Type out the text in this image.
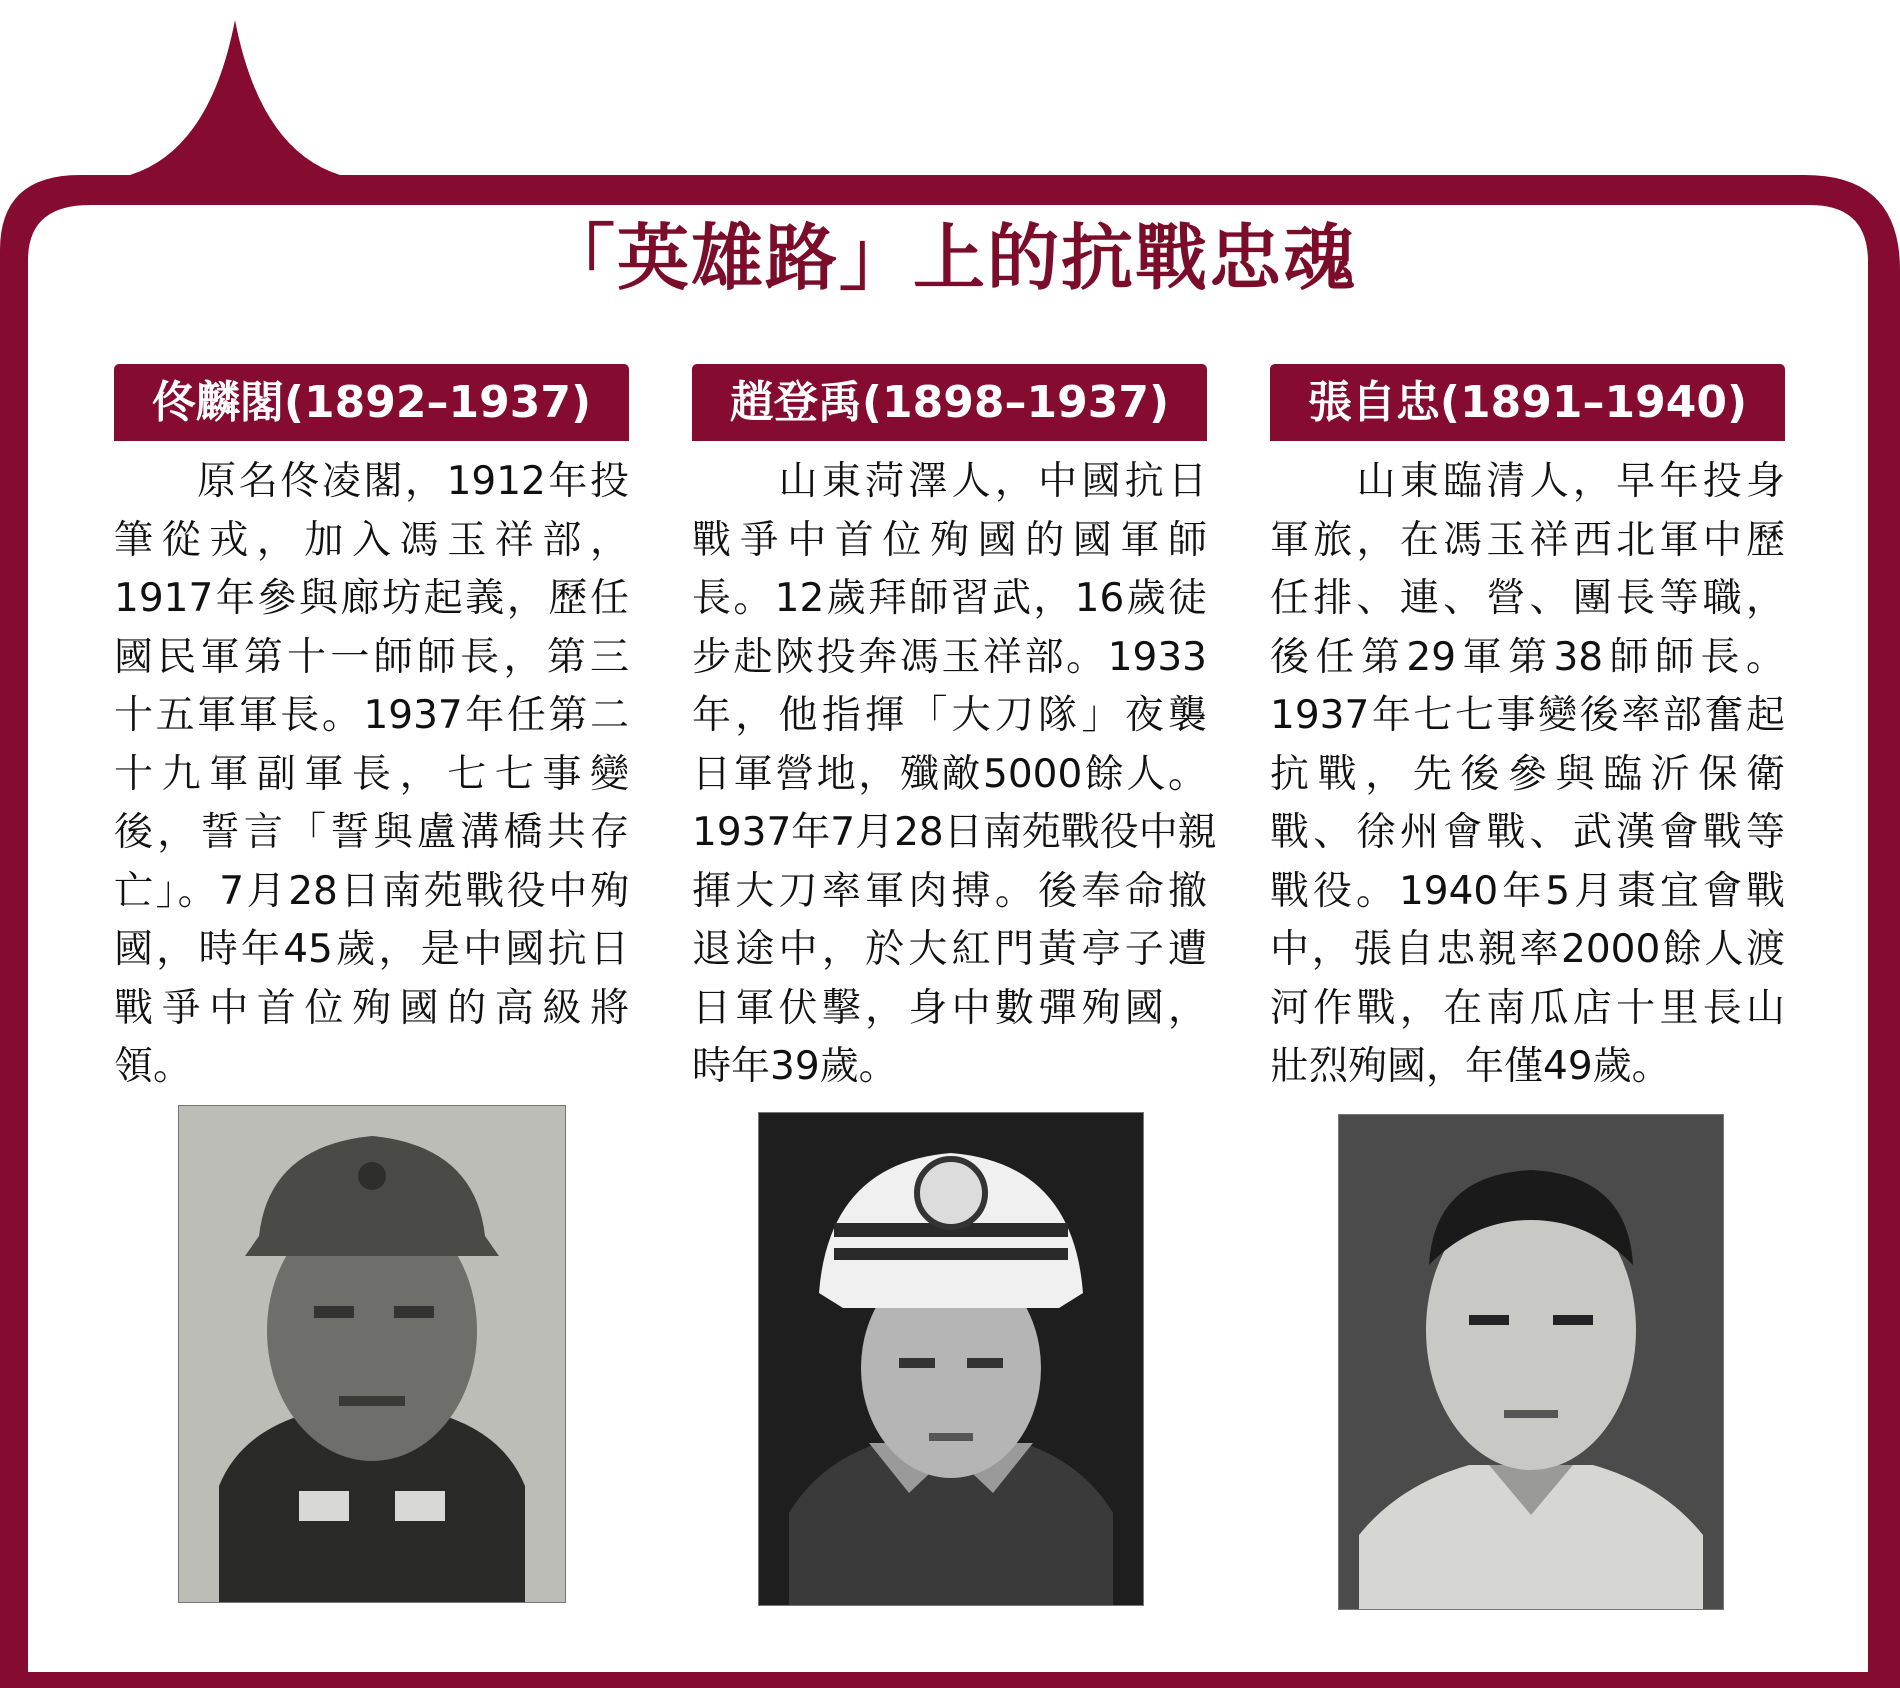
「英雄路」上的抗戰忠魂
佟麟閣(1892–1937)
　　原名佟凌閣，1912年投
筆從戎，加入馮玉祥部，
1917年參與廊坊起義，歷任
國民軍第十一師師長，第三
十五軍軍長。1937年任第二
十九軍副軍長，七七事變
後，誓言「誓與盧溝橋共存
亡」。7月28日南苑戰役中殉
國，時年45歲，是中國抗日
戰爭中首位殉國的高級將
領。
趙登禹(1898–1937)
　　山東菏澤人，中國抗日
戰爭中首位殉國的國軍師
長。12歲拜師習武，16歲徒
步赴陝投奔馮玉祥部。1933
年，他指揮「大刀隊」夜襲
日軍營地，殲敵5000餘人。
1937年7月28日南苑戰役中親
揮大刀率軍肉搏。後奉命撤
退途中，於大紅門黃亭子遭
日軍伏擊，身中數彈殉國，
時年39歲。
張自忠(1891–1940)
　　山東臨清人，早年投身
軍旅，在馮玉祥西北軍中歷
任排、連、營、團長等職，
後任第29軍第38師師長。
1937年七七事變後率部奮起
抗戰，先後參與臨沂保衛
戰、徐州會戰、武漢會戰等
戰役。1940年5月棗宜會戰
中，張自忠親率2000餘人渡
河作戰，在南瓜店十里長山
壯烈殉國，年僅49歲。
